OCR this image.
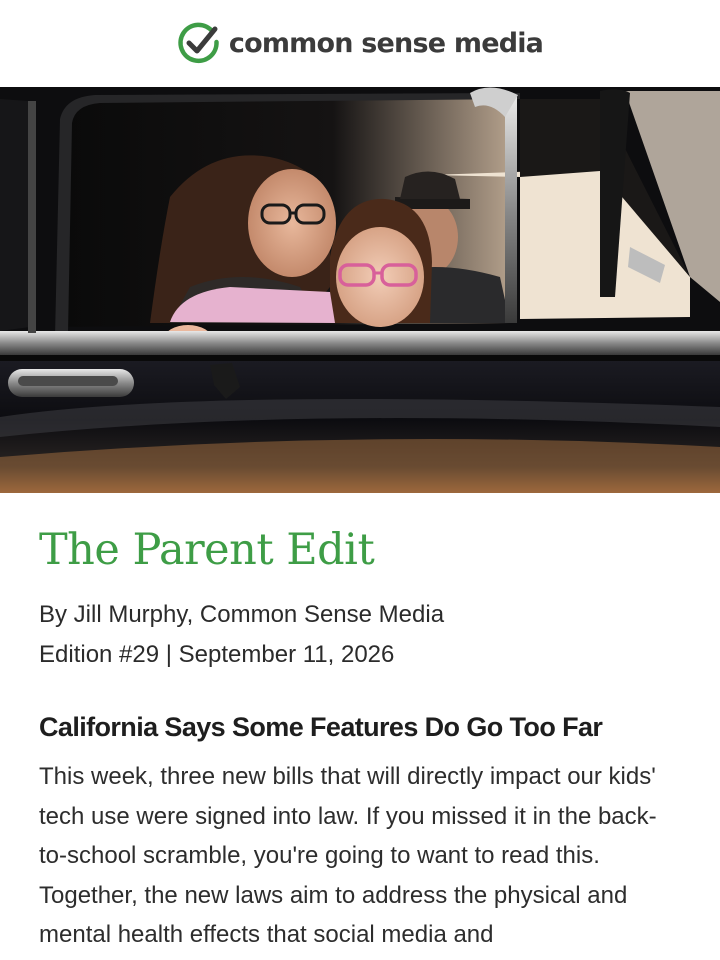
common sense media
The Parent Edit
By Jill Murphy, Common Sense Media
Edition #29 | September 11, 2026
California Says Some Features Do Go Too Far

This week, three new bills that will directly impact our kids' tech use were signed into law. If you missed it in the back-to-school scramble, you're going to want to read this. Together, the new laws aim to address the physical and mental health effects that social media and
